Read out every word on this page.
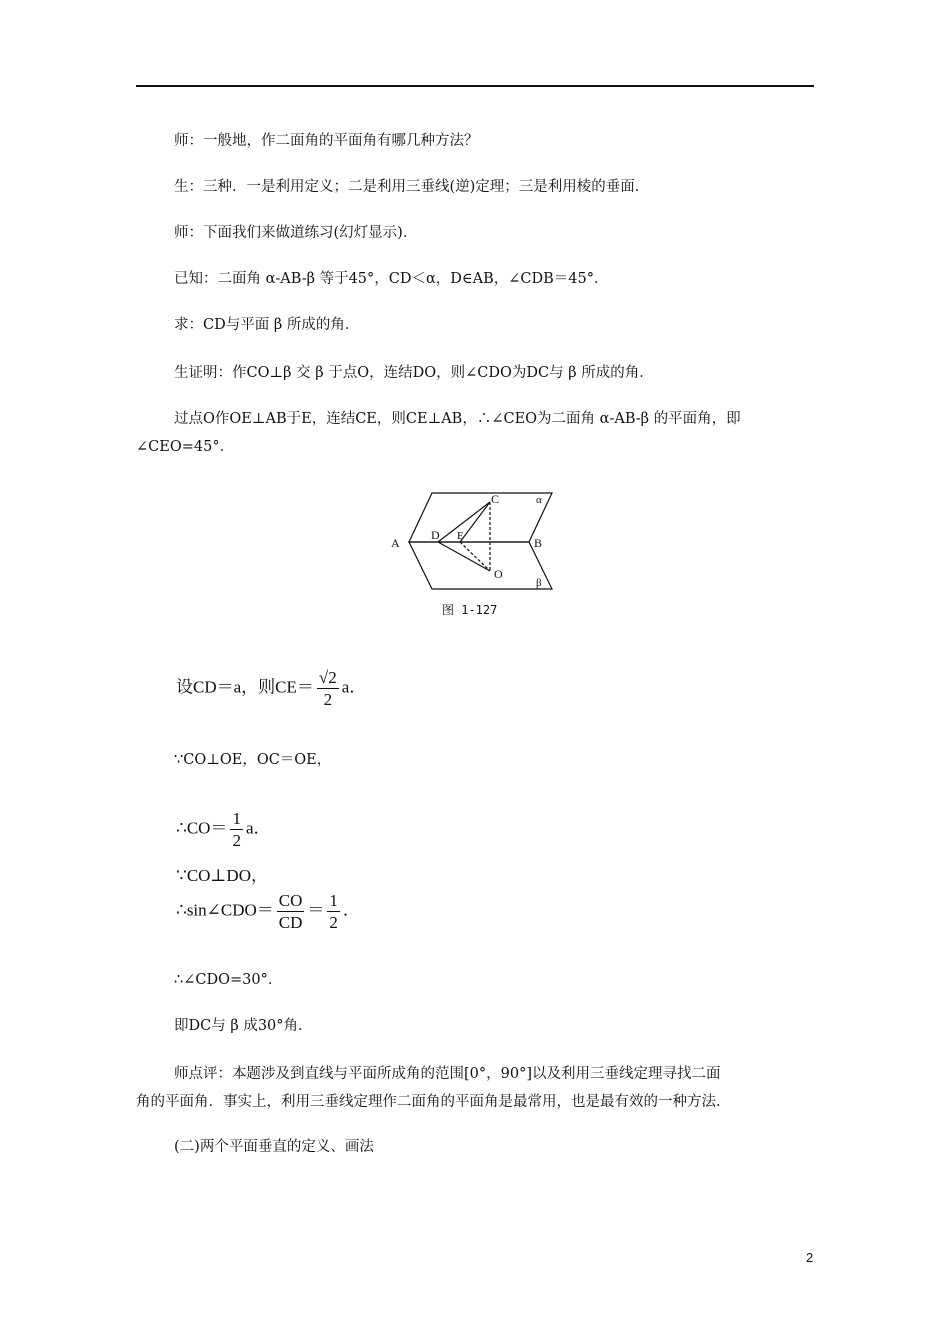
师：一般地，作二面角的平面角有哪几种方法？
生：三种．一是利用定义；二是利用三垂线(逆)定理；三是利用棱的垂面．
师：下面我们来做道练习(幻灯显示)．
已知：二面角 α-AB-β 等于45°，CD＜α，D∈AB，∠CDB＝45°．
求：CD与平面 β 所成的角．
生证明：作CO⊥β 交 β 于点O，连结DO，则∠CDO为DC与 β 所成的角．
过点O作OE⊥AB于E，连结CE，则CE⊥AB，∴∠CEO为二面角 α-AB-β 的平面角，即
∠CEO=45°．
A	B
C
D E
O
α
β
图 1-127
设CD＝a，则$CE= \frac{√2}{2}$ a．
∵CO⊥OE，OC＝OE，
∴CO＝ $\frac{1}{2}$ a．
∵CO⊥DO，
∴sin∠CDO＝ $\frac{CO}{CD} = \frac{1}{2}$ ．
∴∠CDO=30°．
即DC与 β 成30°角．
师点评：本题涉及到直线与平面所成角的范围[0°，90°]以及利用三垂线定理寻找二面
角的平面角．事实上，利用三垂线定理作二面角的平面角是最常用，也是最有效的一种方法．
(二)两个平面垂直的定义、画法
2
